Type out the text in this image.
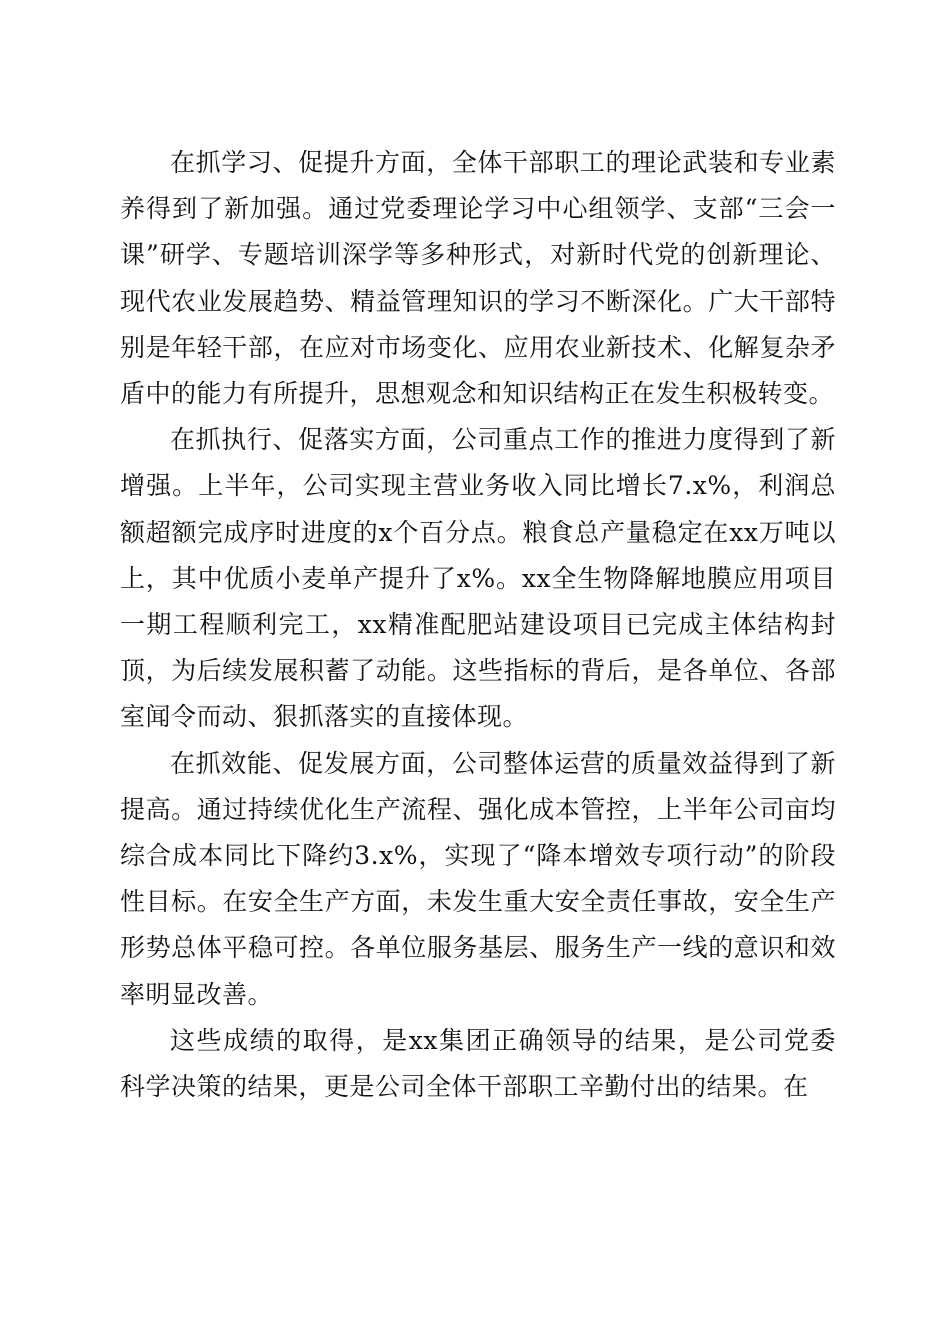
在抓学习、促提升方面，全体干部职工的理论武装和专业素养得到了新加强。通过党委理论学习中心组领学、支部“三会一课”研学、专题培训深学等多种形式，对新时代党的创新理论、现代农业发展趋势、精益管理知识的学习不断深化。广大干部特别是年轻干部，在应对市场变化、应用农业新技术、化解复杂矛盾中的能力有所提升，思想观念和知识结构正在发生积极转变。

在抓执行、促落实方面，公司重点工作的推进力度得到了新增强。上半年，公司实现主营业务收入同比增长7.x%，利润总额超额完成序时进度的x个百分点。粮食总产量稳定在xx万吨以上，其中优质小麦单产提升了x%。xx全生物降解地膜应用项目一期工程顺利完工，xx精准配肥站建设项目已完成主体结构封顶，为后续发展积蓄了动能。这些指标的背后，是各单位、各部室闻令而动、狠抓落实的直接体现。

在抓效能、促发展方面，公司整体运营的质量效益得到了新提高。通过持续优化生产流程、强化成本管控，上半年公司亩均综合成本同比下降约3.x%，实现了“降本增效专项行动”的阶段性目标。在安全生产方面，未发生重大安全责任事故，安全生产形势总体平稳可控。各单位服务基层、服务生产一线的意识和效率明显改善。

这些成绩的取得，是xx集团正确领导的结果，是公司党委科学决策的结果，更是公司全体干部职工辛勤付出的结果。在
